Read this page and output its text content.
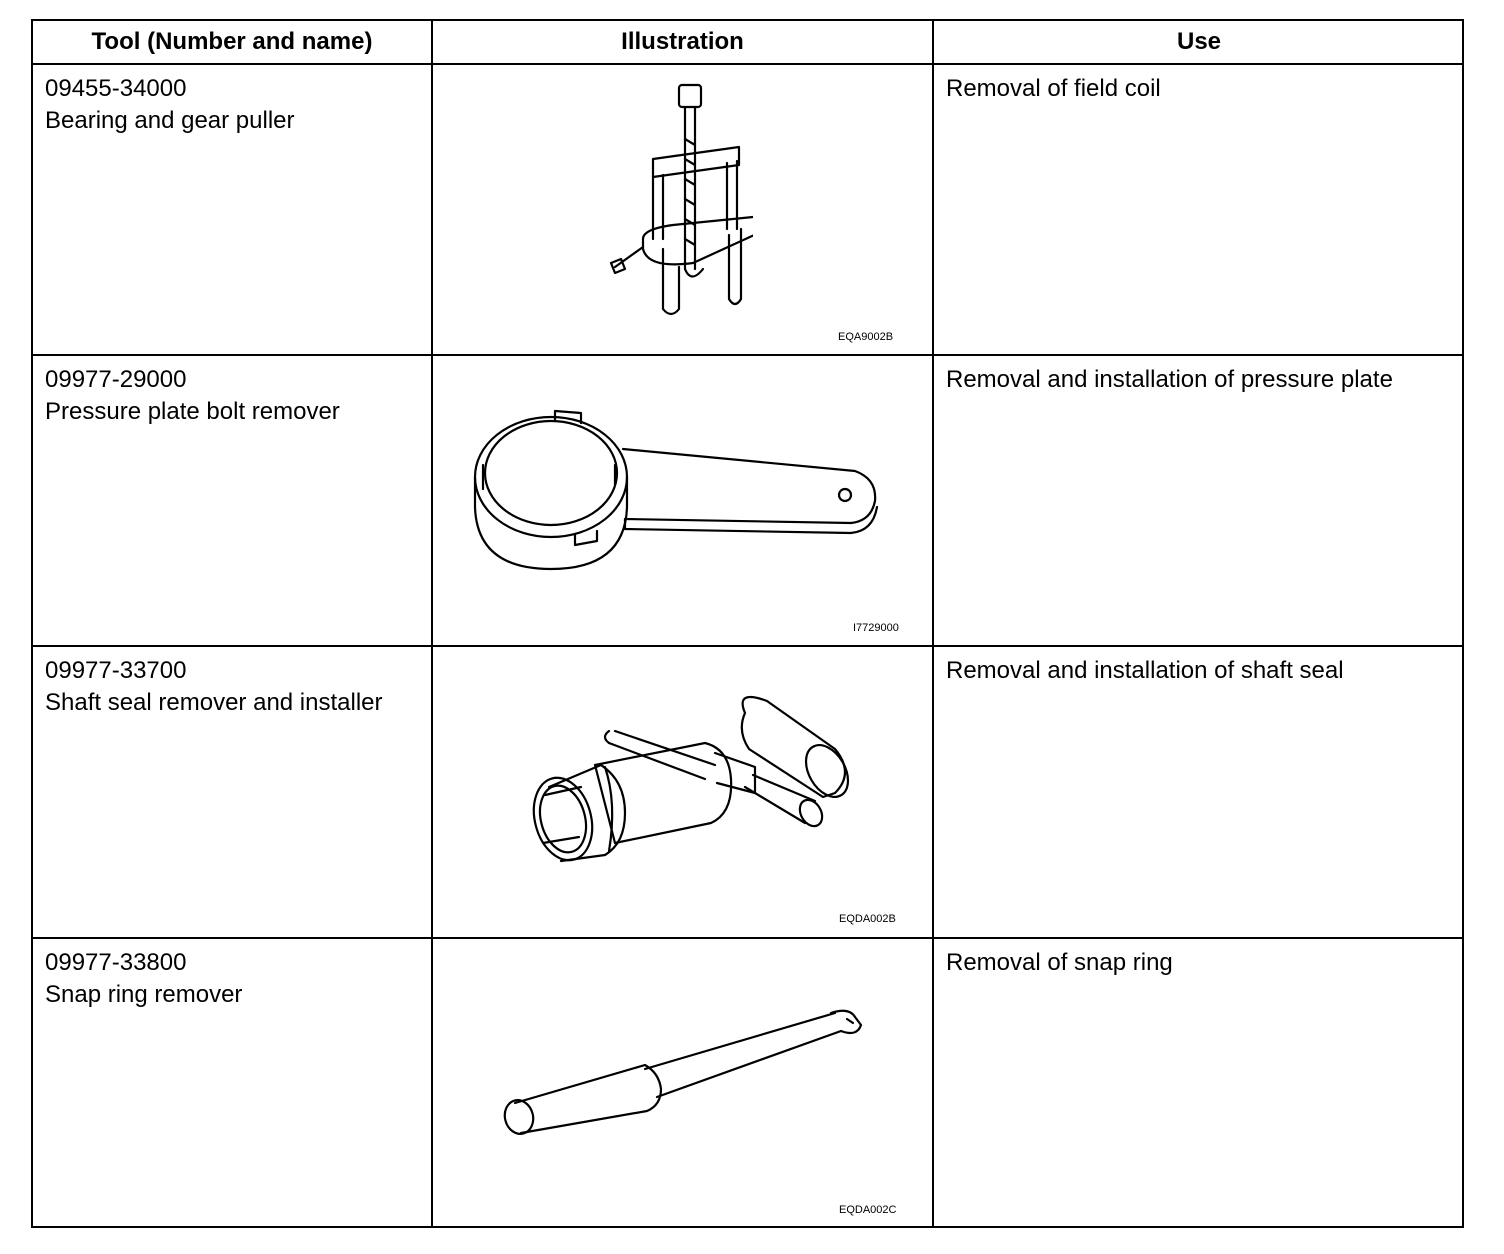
Tool (Number and name)	Illustration	Use
09455-34000
Bearing and gear puller
EQA9002B
Removal of field coil
09977-29000
Pressure plate bolt remover
I7729000
Removal and installation of pressure plate
09977-33700
Shaft seal remover and installer
EQDA002B
Removal and installation of shaft seal
09977-33800
Snap ring remover
EQDA002C
Removal of snap ring
